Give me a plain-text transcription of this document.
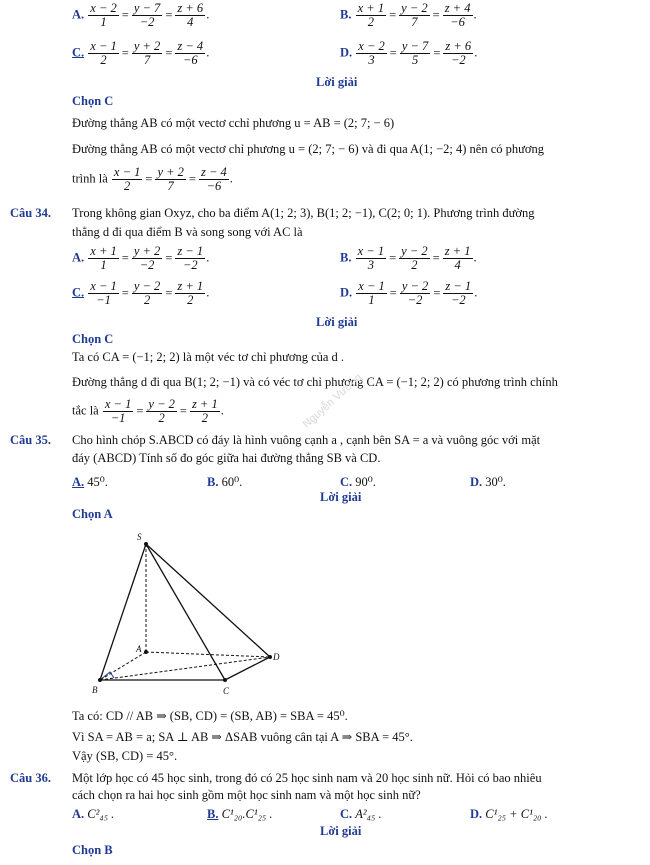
A. $\frac{x - 2}{1} = \frac{y - 7}{-2} = \frac{z + 6}{4}$ .	B. $\frac{x + 1}{2} = \frac{y - 2}{7} = \frac{z + 4}{-6}$ .
C. $\frac{x - 1}{2} = \frac{y + 2}{7} = \frac{z - 4}{-6}$ .	D. $\frac{x - 2}{3} = \frac{y - 7}{5} = \frac{z + 6}{-2}$ .
Lời giải
Chọn C
Đường thẳng AB có một vectơ cchỉ phương u = AB = (2; 7; − 6)
Đường thẳng AB có một vectơ chỉ phương u = (2; 7; − 6) và đi qua A(1; −2; 4) nên có phương
trình là $\frac{x - 1}{2} = \frac{y + 2}{7} = \frac{z - 4}{-6}$ .
Câu 34. Trong không gian Oxyz, cho ba điểm A(1; 2; 3), B(1; 2; −1), C(2; 0; 1). Phương trình đường
thẳng d đi qua điểm B và song song với AC là
A. $\frac{x + 1}{1} = \frac{y + 2}{-2} = \frac{z - 1}{-2}$ .	B. $\frac{x - 1}{3} = \frac{y - 2}{2} = \frac{z + 1}{4}$ .
C. $\frac{x - 1}{-1} = \frac{y - 2}{2} = \frac{z + 1}{2}$ .	D. $\frac{x - 1}{1} = \frac{y - 2}{-2} = \frac{z - 1}{-2}$ .
Lời giải
Chọn C
Ta có CA = (−1; 2; 2) là một véc tơ chỉ phương của d .
Đường thẳng d đi qua B(1; 2; −1) và có véc tơ chỉ phương CA = (−1; 2; 2) có phương trình chính
tắc là $\frac{x - 1}{-1} = \frac{y - 2}{2} = \frac{z + 1}{2}$ .	Nguyễn Vương
Câu 35. Cho hình chóp S.ABCD có đáy là hình vuông cạnh a , cạnh bên SA = a và vuông góc với mặt
đáy (ABCD) Tính số đo góc giữa hai đường thẳng SB và CD.
A. 45⁰.	B. 60⁰.	C. 90⁰.	D. 30⁰.
Lời giải
Chọn A
S
A
B	C
D
Ta có: CD // AB ⇒ (SB, CD) = (SB, AB) = SBA = 45⁰.
Vì SA = AB = a; SA ⊥ AB ⇒ ΔSAB vuông cân tại A ⇒ SBA = 45°.
Vậy (SB, CD) = 45°.
Câu 36. Một lớp học có 45 học sinh, trong đó có 25 học sinh nam và 20 học sinh nữ. Hỏi có bao nhiêu
cách chọn ra hai học sinh gồm một học sinh nam và một học sinh nữ?
A. C²₄₅ .	B. C¹₂₀.C¹₂₅ .	C. A²₄₅ .	D. C¹₂₅ + C¹₂₀ .
Lời giải
Chọn B
